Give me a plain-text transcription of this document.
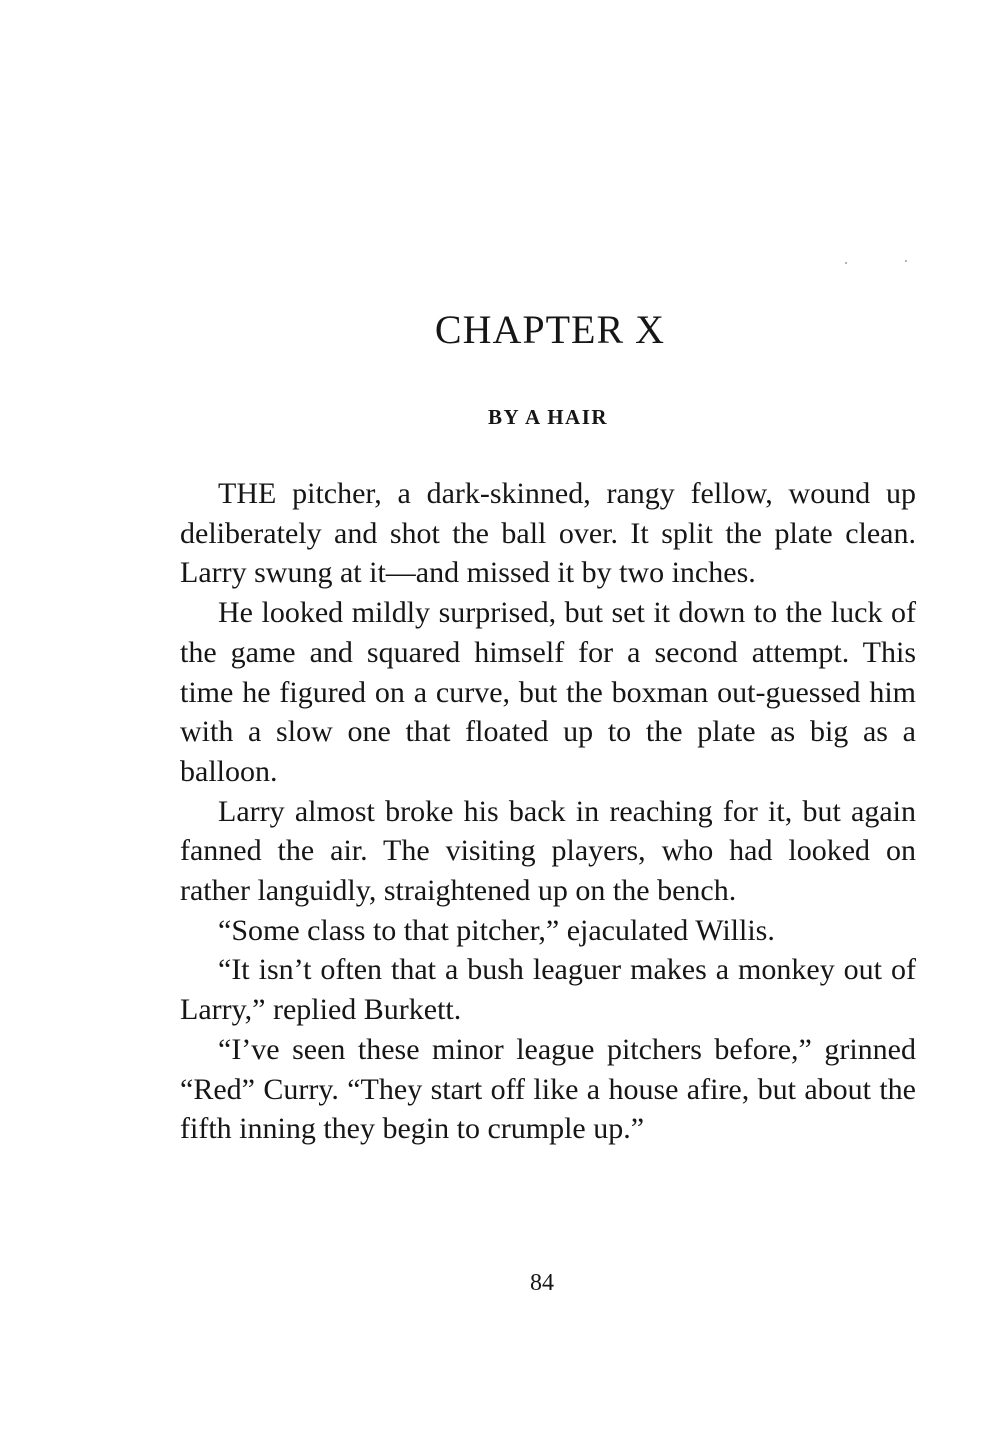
CHAPTER X
BY A HAIR

THE pitcher, a dark-skinned, rangy fellow, wound up deliberately and shot the ball over. It split the plate clean. Larry swung at it—and missed it by two inches.

He looked mildly surprised, but set it down to the luck of the game and squared himself for a second attempt. This time he figured on a curve, but the boxman out-guessed him with a slow one that floated up to the plate as big as a balloon.

Larry almost broke his back in reaching for it, but again fanned the air. The visiting players, who had looked on rather languidly, straightened up on the bench.

“Some class to that pitcher,” ejaculated Willis.

“It isn’t often that a bush leaguer makes a monkey out of Larry,” replied Burkett.

“I’ve seen these minor league pitchers before,” grinned “Red” Curry. “They start off like a house afire, but about the fifth inning they begin to crumple up.”

84
